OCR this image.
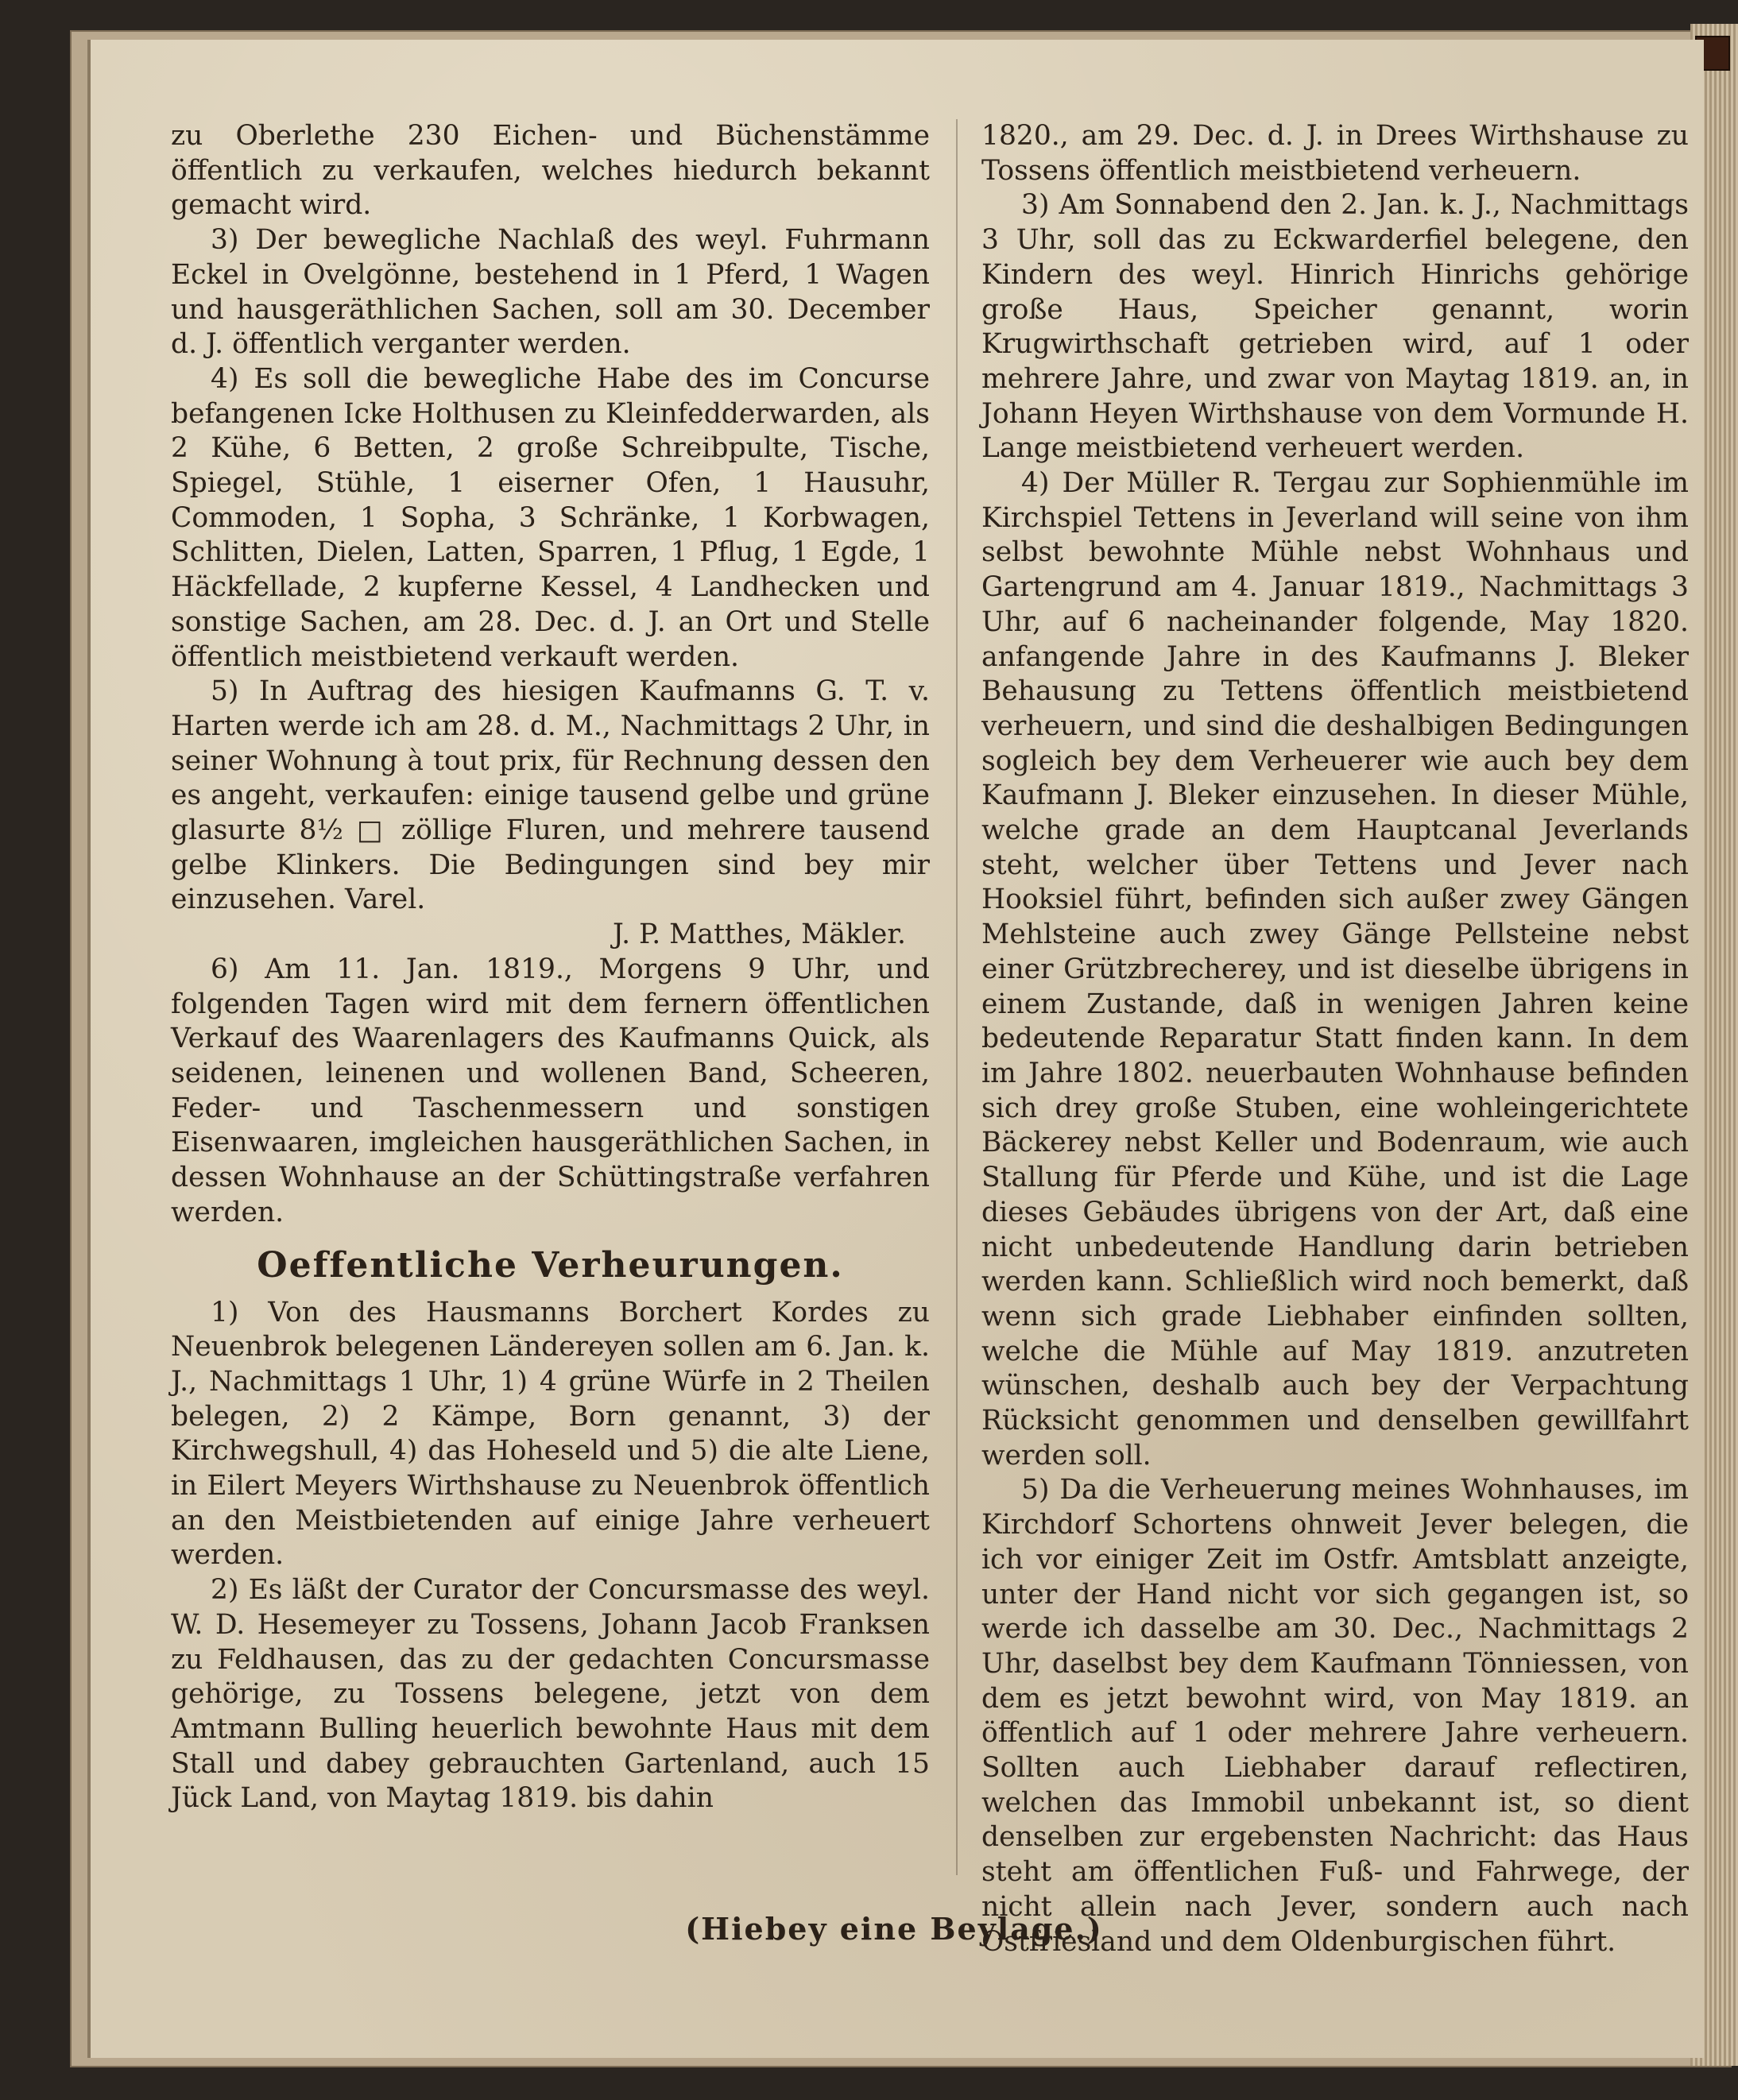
zu Oberlethe 230 Eichen- und Büchenstämme öffentlich zu verkaufen, welches hiedurch bekannt gemacht wird.

3) Der bewegliche Nachlaß des weyl. Fuhrmann Eckel in Ovelgönne, bestehend in 1 Pferd, 1 Wagen und hausgeräthlichen Sachen, soll am 30. December d. J. öffentlich verganter werden.

4) Es soll die bewegliche Habe des im Concurse befangenen Icke Holthusen zu Kleinfedderwarden, als 2 Kühe, 6 Betten, 2 große Schreibpulte, Tische, Spiegel, Stühle, 1 eiserner Ofen, 1 Hausuhr, Commoden, 1 Sopha, 3 Schränke, 1 Korbwagen, Schlitten, Dielen, Latten, Sparren, 1 Pflug, 1 Egde, 1 Häckfellade, 2 kupferne Kessel, 4 Landhecken und sonstige Sachen, am 28. Dec. d. J. an Ort und Stelle öffentlich meistbietend verkauft werden.

5) In Auftrag des hiesigen Kaufmanns G. T. v. Harten werde ich am 28. d. M., Nachmittags 2 Uhr, in seiner Wohnung à tout prix, für Rechnung dessen den es angeht, verkaufen: einige tausend gelbe und grüne glasurte 8½ □ zöllige Fluren, und mehrere tausend gelbe Klinkers. Die Bedingungen sind bey mir einzusehen. Varel.

J. P. Matthes, Mäkler.

6) Am 11. Jan. 1819., Morgens 9 Uhr, und folgenden Tagen wird mit dem fernern öffentlichen Verkauf des Waarenlagers des Kaufmanns Quick, als seidenen, leinenen und wollenen Band, Scheeren, Feder- und Taschenmessern und sonstigen Eisenwaaren, imgleichen hausgeräthlichen Sachen, in dessen Wohnhause an der Schüttingstraße verfahren werden.

Oeffentliche Verheurungen.

1) Von des Hausmanns Borchert Kordes zu Neuenbrok belegenen Ländereyen sollen am 6. Jan. k. J., Nachmittags 1 Uhr, 1) 4 grüne Würfe in 2 Theilen belegen, 2) 2 Kämpe, Born genannt, 3) der Kirchwegshull, 4) das Hoheseld und 5) die alte Liene, in Eilert Meyers Wirthshause zu Neuenbrok öffentlich an den Meistbietenden auf einige Jahre verheuert werden.

2) Es läßt der Curator der Concursmasse des weyl. W. D. Hesemeyer zu Tossens, Johann Jacob Franksen zu Feldhausen, das zu der gedachten Concursmasse gehörige, zu Tossens belegene, jetzt von dem Amtmann Bulling heuerlich bewohnte Haus mit dem Stall und dabey gebrauchten Gartenland, auch 15 Jück Land, von Maytag 1819. bis dahin

1820., am 29. Dec. d. J. in Drees Wirthshause zu Tossens öffentlich meistbietend verheuern.

3) Am Sonnabend den 2. Jan. k. J., Nachmittags 3 Uhr, soll das zu Eckwarderfiel belegene, den Kindern des weyl. Hinrich Hinrichs gehörige große Haus, Speicher genannt, worin Krugwirthschaft getrieben wird, auf 1 oder mehrere Jahre, und zwar von Maytag 1819. an, in Johann Heyen Wirthshause von dem Vormunde H. Lange meistbietend verheuert werden.

4) Der Müller R. Tergau zur Sophienmühle im Kirchspiel Tettens in Jeverland will seine von ihm selbst bewohnte Mühle nebst Wohnhaus und Gartengrund am 4. Januar 1819., Nachmittags 3 Uhr, auf 6 nacheinander folgende, May 1820. anfangende Jahre in des Kaufmanns J. Bleker Behausung zu Tettens öffentlich meistbietend verheuern, und sind die deshalbigen Bedingungen sogleich bey dem Verheuerer wie auch bey dem Kaufmann J. Bleker einzusehen. In dieser Mühle, welche grade an dem Hauptcanal Jeverlands steht, welcher über Tettens und Jever nach Hooksiel führt, befinden sich außer zwey Gängen Mehlsteine auch zwey Gänge Pellsteine nebst einer Grützbrecherey, und ist dieselbe übrigens in einem Zustande, daß in wenigen Jahren keine bedeutende Reparatur Statt finden kann. In dem im Jahre 1802. neuerbauten Wohnhause befinden sich drey große Stuben, eine wohleingerichtete Bäckerey nebst Keller und Bodenraum, wie auch Stallung für Pferde und Kühe, und ist die Lage dieses Gebäudes übrigens von der Art, daß eine nicht unbedeutende Handlung darin betrieben werden kann. Schließlich wird noch bemerkt, daß wenn sich grade Liebhaber einfinden sollten, welche die Mühle auf May 1819. anzutreten wünschen, deshalb auch bey der Verpachtung Rücksicht genommen und denselben gewillfahrt werden soll.

5) Da die Verheuerung meines Wohnhauses, im Kirchdorf Schortens ohnweit Jever belegen, die ich vor einiger Zeit im Ostfr. Amtsblatt anzeigte, unter der Hand nicht vor sich gegangen ist, so werde ich dasselbe am 30. Dec., Nachmittags 2 Uhr, daselbst bey dem Kaufmann Tönniessen, von dem es jetzt bewohnt wird, von May 1819. an öffentlich auf 1 oder mehrere Jahre verheuern. Sollten auch Liebhaber darauf reflectiren, welchen das Immobil unbekannt ist, so dient denselben zur ergebensten Nachricht: das Haus steht am öffentlichen Fuß- und Fahrwege, der nicht allein nach Jever, sondern auch nach Ostfriesland und dem Oldenburgischen führt.

(Hiebey eine Beylage.)
